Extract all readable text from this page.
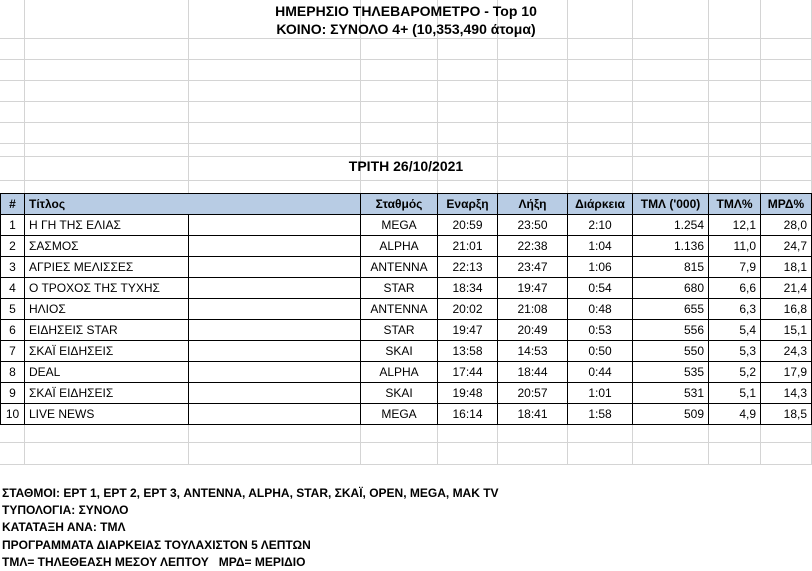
ΗΜΕΡΗΣΙΟ ΤΗΛΕΒΑΡΟΜΕΤΡΟ - Top 10
ΚΟΙΝΟ: ΣΥΝΟΛΟ 4+ (10,353,490 άτομα)
ΤΡΙΤΗ 26/10/2021
#	Τίτλος		Σταθμός	Εναρξη	Λήξη	Διάρκεια	ΤΜΛ ('000)	ΤΜΛ%	ΜΡΔ%
1	Η ΓΗ ΤΗΣ ΕΛΙΑΣ		MEGA	20:59	23:50	2:10	1.254	12,1	28,0
2	ΣΑΣΜΟΣ		ALPHA	21:01	22:38	1:04	1.136	11,0	24,7
3	ΑΓΡΙΕΣ ΜΕΛΙΣΣΕΣ		ANTENNA	22:13	23:47	1:06	815	7,9	18,1
4	Ο ΤΡΟΧΟΣ ΤΗΣ ΤΥΧΗΣ		STAR	18:34	19:47	0:54	680	6,6	21,4
5	ΗΛΙΟΣ		ANTENNA	20:02	21:08	0:48	655	6,3	16,8
6	ΕΙΔΗΣΕΙΣ STAR		STAR	19:47	20:49	0:53	556	5,4	15,1
7	ΣΚΑΪ ΕΙΔΗΣΕΙΣ		SKAI	13:58	14:53	0:50	550	5,3	24,3
8	DEAL		ALPHA	17:44	18:44	0:44	535	5,2	17,9
9	ΣΚΑΪ ΕΙΔΗΣΕΙΣ		SKAI	19:48	20:57	1:01	531	5,1	14,3
10	LIVE NEWS		MEGA	16:14	18:41	1:58	509	4,9	18,5
ΣΤΑΘΜΟΙ: ΕΡΤ 1, ΕΡΤ 2, ΕΡΤ 3, ANTENNA, ALPHA, STAR, ΣΚΑΪ, OPEN, MEGA, ΜΑΚ TV
ΤΥΠΟΛΟΓΙΑ: ΣΥΝΟΛΟ
ΚΑΤΑΤΑΞΗ ΑΝΑ: ΤΜΛ
ΠΡΟΓΡΑΜΜΑΤΑ ΔΙΑΡΚΕΙΑΣ ΤΟΥΛΑΧΙΣΤΟΝ 5 ΛΕΠΤΩΝ
ΤΜΛ= ΤΗΛΕΘΕΑΣΗ ΜΕΣΟΥ ΛΕΠΤΟΥ   ΜΡΔ= ΜΕΡΙΔΙΟ
